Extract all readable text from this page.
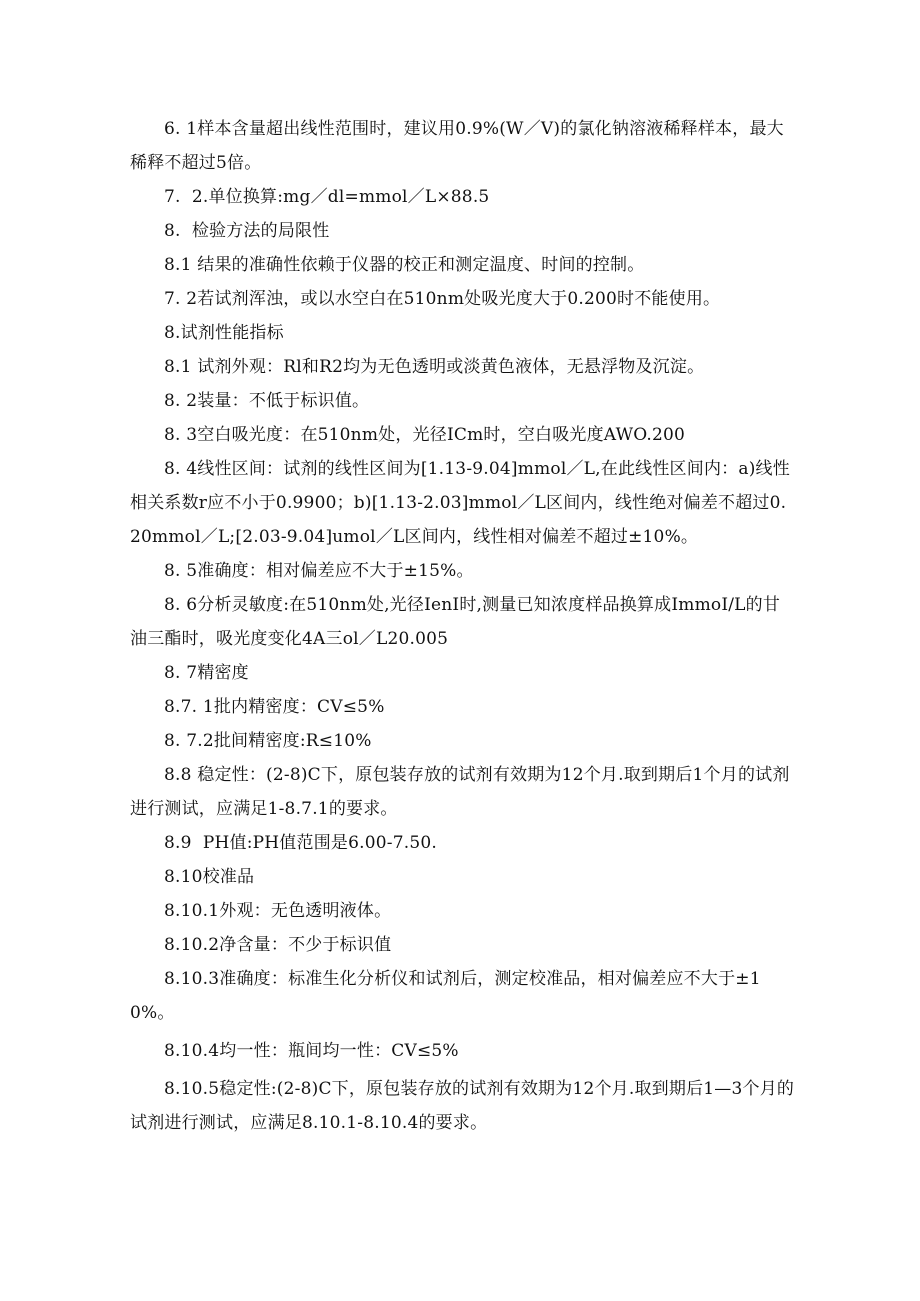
6. 1样本含量超出线性范围时，建议用0.9%(W／V)的氯化钠溶液稀释样本，最大稀释不超过5倍。

7.  2.单位换算:mg／dl=mmol／L×88.5

8.  检验方法的局限性

8.1 结果的准确性依赖于仪器的校正和测定温度、时间的控制。

7. 2若试剂浑浊，或以水空白在510nm处吸光度大于0.200时不能使用。

8.试剂性能指标

8.1 试剂外观：Rl和R2均为无色透明或淡黄色液体，无悬浮物及沉淀。

8. 2装量：不低于标识值。

8. 3空白吸光度：在510nm处，光径ICm时，空白吸光度AWO.200

8. 4线性区间：试剂的线性区间为[1.13-9.04]mmol／L,在此线性区间内：a)线性相关系数r应不小于0.9900；b)[1.13-2.03]mmol／L区间内，线性绝对偏差不超过0.20mmol／L;[2.03-9.04]umol／L区间内，线性相对偏差不超过±10%。

8. 5准确度：相对偏差应不大于±15%。

8. 6分析灵敏度:在510nm处,光径IenI时,测量已知浓度样品换算成ImmoI/L的甘油三酯时，吸光度变化4A三ol／L20.005

8. 7精密度

8.7. 1批内精密度：CV≤5%

8. 7.2批间精密度:R≤10%

8.8 稳定性：(2-8)C下，原包装存放的试剂有效期为12个月.取到期后1个月的试剂进行测试，应满足1-8.7.1的要求。

8.9  PH值:PH值范围是6.00-7.50.

8.10校准品

8.10.1外观：无色透明液体。

8.10.2净含量：不少于标识值

8.10.3准确度：标准生化分析仪和试剂后，测定校准品，相对偏差应不大于±10%。

8.10.4均一性：瓶间均一性：CV≤5%

8.10.5稳定性:(2-8)C下，原包装存放的试剂有效期为12个月.取到期后1—3个月的试剂进行测试，应满足8.10.1-8.10.4的要求。
